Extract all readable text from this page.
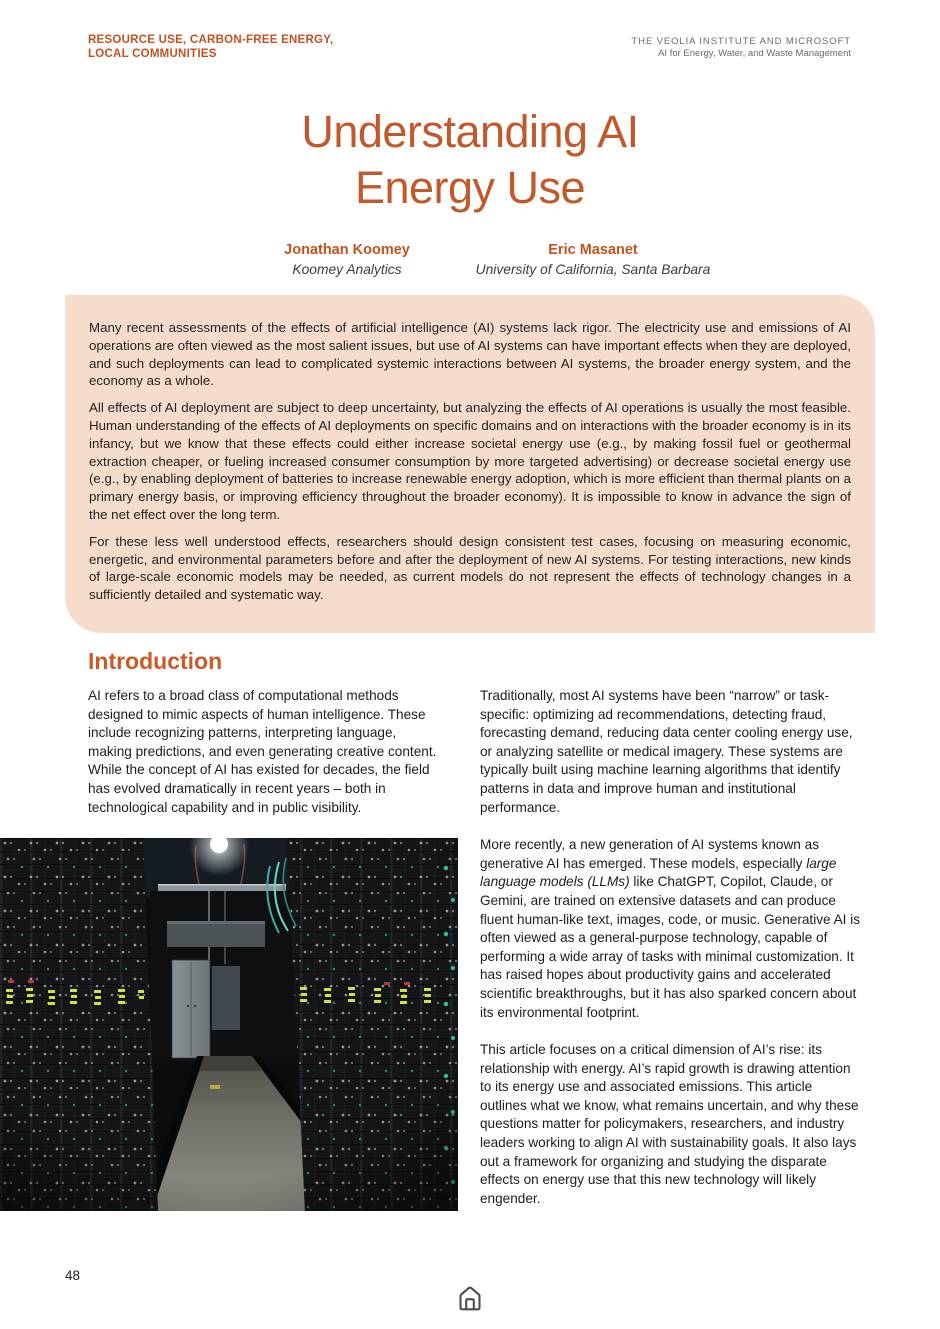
RESOURCE USE, CARBON-FREE ENERGY,
LOCAL COMMUNITIES
THE VEOLIA INSTITUTE AND MICROSOFT
AI for Energy, Water, and Waste Management
Understanding AI
Energy Use
Jonathan Koomey
Koomey Analytics
Eric Masanet
University of California, Santa Barbara

Many recent assessments of the effects of artificial intelligence (AI) systems lack rigor. The electricity use and emissions of AI operations are often viewed as the most salient issues, but use of AI systems can have important effects when they are deployed, and such deployments can lead to complicated systemic interactions between AI systems, the broader energy system, and the economy as a whole.

All effects of AI deployment are subject to deep uncertainty, but analyzing the effects of AI operations is usually the most feasible. Human understanding of the effects of AI deployments on specific domains and on interactions with the broader economy is in its infancy, but we know that these effects could either increase societal energy use (e.g., by making fossil fuel or geothermal extraction cheaper, or fueling increased consumer consumption by more targeted advertising) or decrease societal energy use (e.g., by enabling deployment of batteries to increase renewable energy adoption, which is more efficient than thermal plants on a primary energy basis, or improving efficiency throughout the broader economy). It is impossible to know in advance the sign of the net effect over the long term.

For these less well understood effects, researchers should design consistent test cases, focusing on measuring economic, energetic, and environmental parameters before and after the deployment of new AI systems. For testing interactions, new kinds of large-scale economic models may be needed, as current models do not represent the effects of technology changes in a sufficiently detailed and systematic way.

Introduction

AI refers to a broad class of computational methods designed to mimic aspects of human intelligence. These include recognizing patterns, interpreting language, making predictions, and even generating creative content. While the concept of AI has existed for decades, the field has evolved dramatically in recent years – both in technological capability and in public visibility.

Traditionally, most AI systems have been “narrow” or task-specific: optimizing ad recommendations, detecting fraud, forecasting demand, reducing data center cooling energy use, or analyzing satellite or medical imagery. These systems are typically built using machine learning algorithms that identify patterns in data and improve human and institutional performance.

More recently, a new generation of AI systems known as generative AI has emerged. These models, especially large language models (LLMs) like ChatGPT, Copilot, Claude, or Gemini, are trained on extensive datasets and can produce fluent human-like text, images, code, or music. Generative AI is often viewed as a general-purpose technology, capable of performing a wide array of tasks with minimal customization. It has raised hopes about productivity gains and accelerated scientific breakthroughs, but it has also sparked concern about its environmental footprint.

This article focuses on a critical dimension of AI’s rise: its relationship with energy. AI’s rapid growth is drawing attention to its energy use and associated emissions. This article outlines what we know, what remains uncertain, and why these questions matter for policymakers, researchers, and industry leaders working to align AI with sustainability goals. It also lays out a framework for organizing and studying the disparate effects on energy use that this new technology will likely engender.

48
